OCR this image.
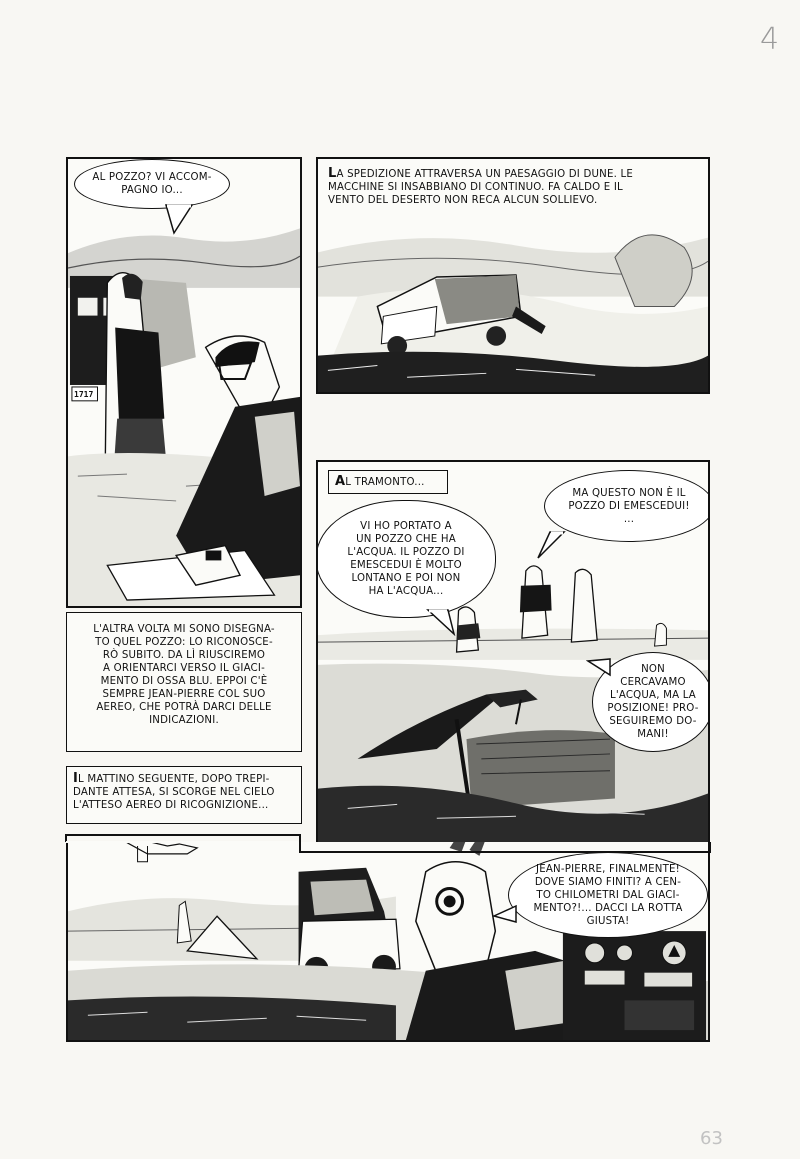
4
63
AL POZZO? VI ACCOM-
PAGNO IO...
1717
L'ALTRA VOLTA MI SONO DISEGNA-
TO QUEL POZZO: LO RICONOSCE-
RÒ SUBITO. DA LÌ RIUSCIREMO
A ORIENTARCI VERSO IL GIACI-
MENTO DI OSSA BLU. EPPOI C'È
SEMPRE JEAN-PIERRE COL SUO
AEREO, CHE POTRÀ DARCI DELLE
INDICAZIONI.
LA SPEDIZIONE ATTRAVERSA UN PAESAGGIO DI DUNE. LE
MACCHINE SI INSABBIANO DI CONTINUO. FA CALDO E IL
VENTO DEL DESERTO NON RECA ALCUN SOLLIEVO.
AL TRAMONTO...
VI HO PORTATO A
UN POZZO CHE HA
L'ACQUA. IL POZZO DI
EMESCEDUI È MOLTO
LONTANO E POI NON
HA L'ACQUA...
MA QUESTO NON È IL
POZZO DI EMESCEDUI!
...
NON
CERCAVAMO
L'ACQUA, MA LA
POSIZIONE! PRO-
SEGUIREMO DO-
MANI!
IL MATTINO SEGUENTE, DOPO TREPI-
DANTE ATTESA, SI SCORGE NEL CIELO
L'ATTESO AEREO DI RICOGNIZIONE...
JEAN-PIERRE, FINALMENTE!
DOVE SIAMO FINITI? A CEN-
TO CHILOMETRI DAL GIACI-
MENTO?!... DACCI LA ROTTA
GIUSTA!
